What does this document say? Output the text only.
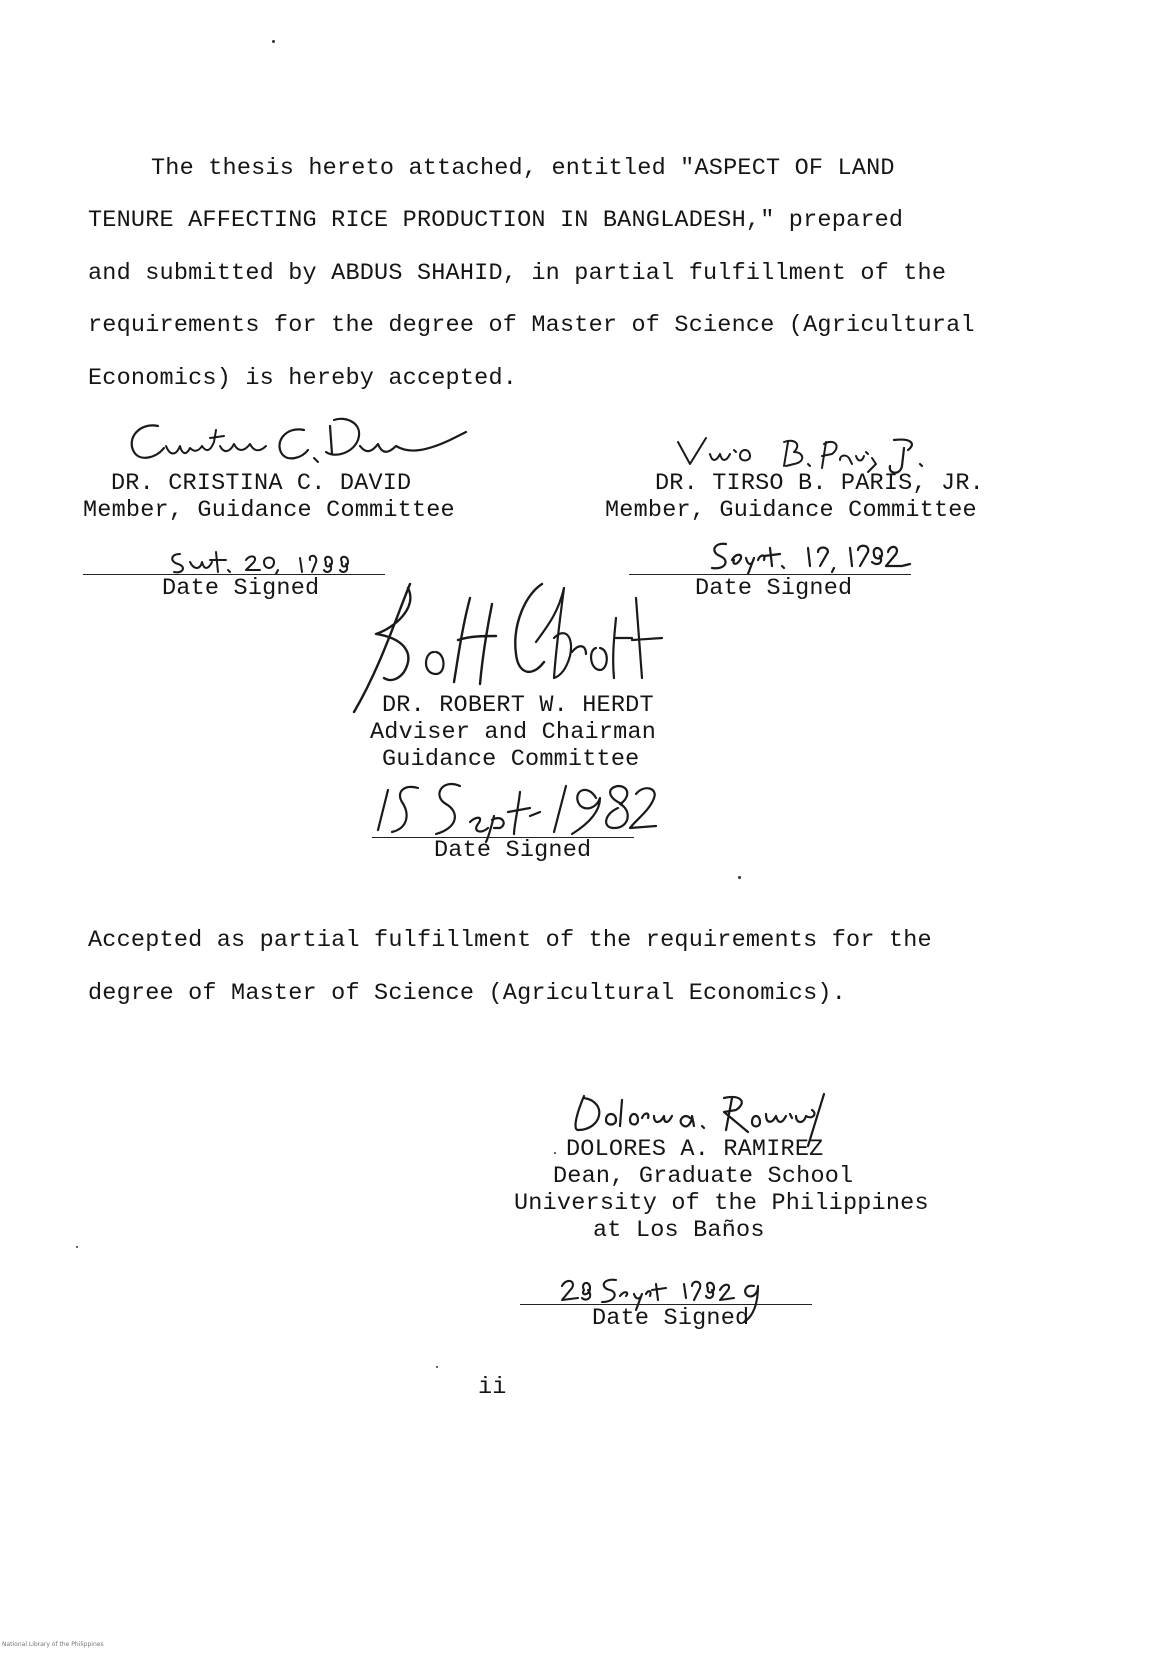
The thesis hereto attached, entitled "ASPECT OF LAND
TENURE AFFECTING RICE PRODUCTION IN BANGLADESH," prepared
and submitted by ABDUS SHAHID, in partial fulfillment of the
requirements for the degree of Master of Science (Agricultural
Economics) is hereby accepted.
DR. CRISTINA C. DAVID
Member, Guidance Committee
Date Signed
DR. TIRSO B. PARIS, JR.
Member, Guidance Committee
Date Signed
DR. ROBERT W. HERDT
Adviser and Chairman
Guidance Committee
Date Signed
Accepted as partial fulfillment of the requirements for the
degree of Master of Science (Agricultural Economics).
DOLORES A. RAMIREZ
Dean, Graduate School
University of the Philippines
at Los Baños
Date Signed
ii
National Library of the Philippines
